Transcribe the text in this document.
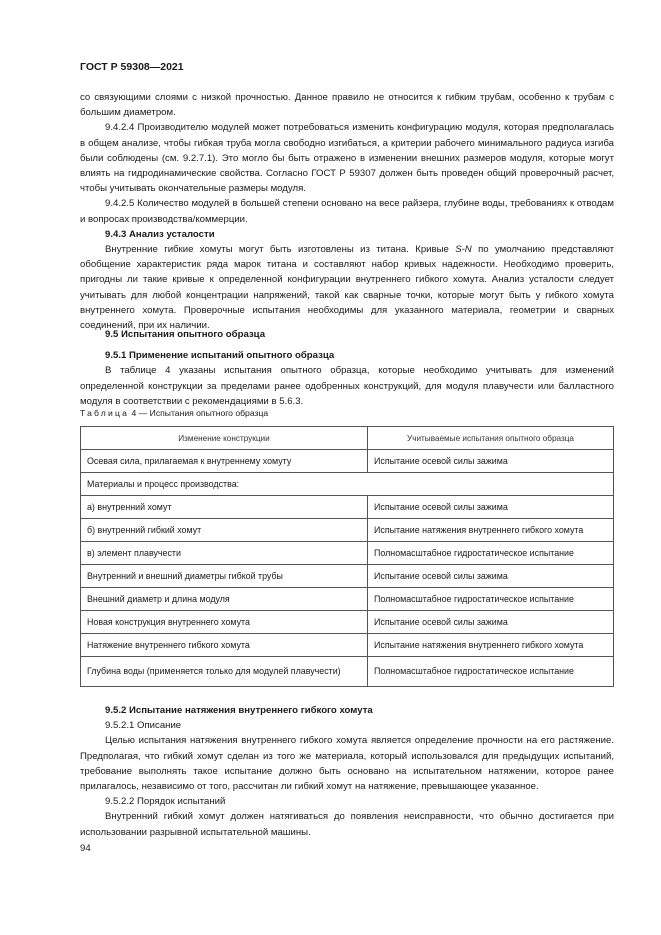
ГОСТ Р 59308—2021

со связующими слоями с низкой прочностью. Данное правило не относится к гибким трубам, особенно к трубам с большим диаметром.

9.4.2.4 Производителю модулей может потребоваться изменить конфигурацию модуля, которая предполагалась в общем анализе, чтобы гибкая труба могла свободно изгибаться, а критерии рабочего минимального радиуса изгиба были соблюдены (см. 9.2.7.1). Это могло бы быть отражено в изменении внешних размеров модуля, которые могут влиять на гидродинамические свойства. Согласно ГОСТ Р 59307 должен быть проведен общий проверочный расчет, чтобы учитывать окончательные размеры модуля.

9.4.2.5 Количество модулей в большей степени основано на весе райзера, глубине воды, требованиях к отводам и вопросах производства/коммерции.

9.4.3 Анализ усталости

Внутренние гибкие хомуты могут быть изготовлены из титана. Кривые S-N по умолчанию представляют обобщение характеристик ряда марок титана и составляют набор кривых надежности. Необходимо проверить, пригодны ли такие кривые к определенной конфигурации внутреннего гибкого хомута. Анализ усталости следует учитывать для любой концентрации напряжений, такой как сварные точки, которые могут быть у гибкого хомута внутреннего хомута. Проверочные испытания необходимы для указанного материала, геометрии и сварных соединений, при их наличии.

9.5 Испытания опытного образца

9.5.1 Применение испытаний опытного образца

В таблице 4 указаны испытания опытного образца, которые необходимо учитывать для изменений определенной конструкции за пределами ранее одобренных конструкций, для модуля плавучести или балластного модуля в соответствии с рекомендациями в 5.6.3.

Таблица 4 — Испытания опытного образца
Изменение конструкции	Учитываемые испытания опытного образца
Осевая сила, прилагаемая к внутреннему хомуту	Испытание осевой силы зажима
Материалы и процесс производства:	
а) внутренний хомут	Испытание осевой силы зажима
б) внутренний гибкий хомут	Испытание натяжения внутреннего гибкого хомута
в) элемент плавучести	Полномасштабное гидростатическое испытание
Внутренний и внешний диаметры гибкой трубы	Испытание осевой силы зажима
Внешний диаметр и длина модуля	Полномасштабное гидростатическое испытание
Новая конструкция внутреннего хомута	Испытание осевой силы зажима
Натяжение внутреннего гибкого хомута	Испытание натяжения внутреннего гибкого хомута
Глубина воды (применяется только для модулей плавучести)	Полномасштабное гидростатическое испытание

9.5.2 Испытание натяжения внутреннего гибкого хомута

9.5.2.1 Описание

Целью испытания натяжения внутреннего гибкого хомута является определение прочности на его растяжение. Предполагая, что гибкий хомут сделан из того же материала, который использовался для предыдущих испытаний, требование выполнять такое испытание должно быть основано на испытательном натяжении, которое ранее прилагалось, независимо от того, рассчитан ли гибкий хомут на натяжение, превышающее указанное.

9.5.2.2 Порядок испытаний

Внутренний гибкий хомут должен натягиваться до появления неисправности, что обычно достигается при использовании разрывной испытательной машины.

94
